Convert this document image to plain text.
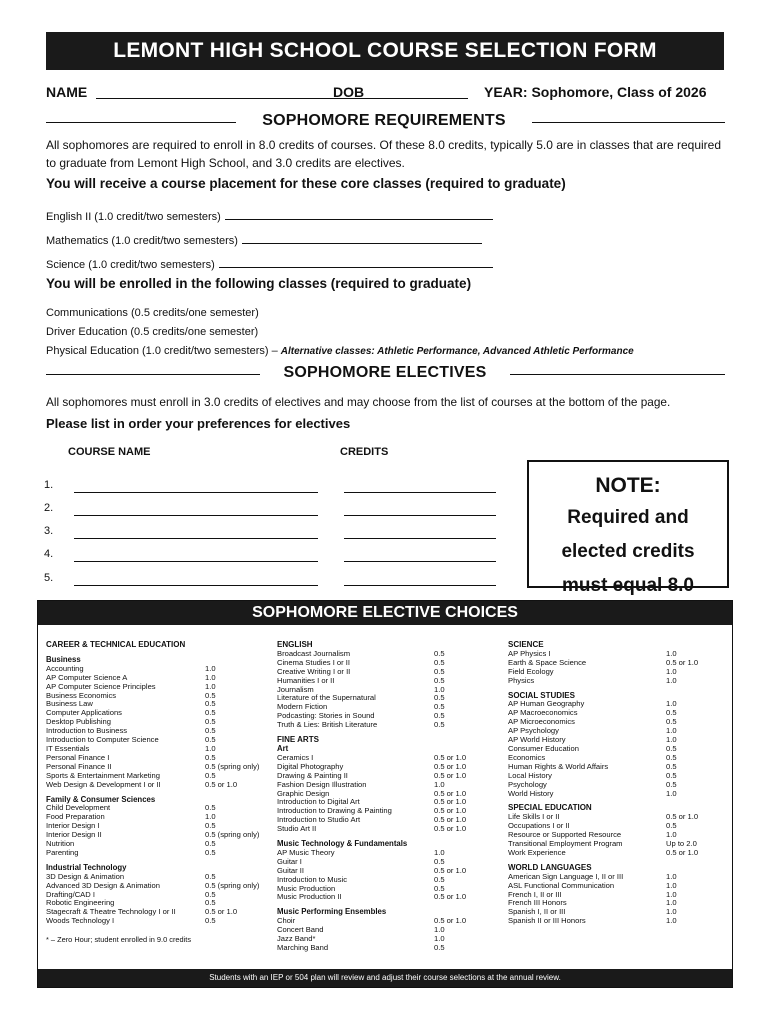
LEMONT HIGH SCHOOL COURSE SELECTION FORM
NAME	DOB	YEAR: Sophomore, Class of 2026
SOPHOMORE REQUIREMENTS
All sophomores are required to enroll in 8.0 credits of courses. Of these 8.0 credits, typically 5.0 are in classes that are required to graduate from Lemont High School, and 3.0 credits are electives.
You will receive a course placement for these core classes (required to graduate)
English II (1.0 credit/two semesters)
Mathematics (1.0 credit/two semesters)
Science (1.0 credit/two semesters)
You will be enrolled in the following classes (required to graduate)
Communications (0.5 credits/one semester)
Driver Education (0.5 credits/one semester)
Physical Education (1.0 credit/two semesters) – Alternative classes: Athletic Performance, Advanced Athletic Performance
SOPHOMORE ELECTIVES
All sophomores must enroll in 3.0 credits of electives and may choose from the list of courses at the bottom of the page.
Please list in order your preferences for electives
COURSE NAME	CREDITS
1.
2.
3.
4.
5.
NOTE:
Required and
elected credits
must equal 8.0
SOPHOMORE ELECTIVE CHOICES
CAREER & TECHNICAL EDUCATION
Business
Accounting	1.0
AP Computer Science A	1.0
AP Computer Science Principles	1.0
Business Economics	0.5
Business Law	0.5
Computer Applications	0.5
Desktop Publishing	0.5
Introduction to Business	0.5
Introduction to Computer Science	0.5
IT Essentials	1.0
Personal Finance I	0.5
Personal Finance II	0.5 (spring only)
Sports & Entertainment Marketing	0.5
Web Design & Development I or II	0.5 or 1.0
Family & Consumer Sciences
Child Development	0.5
Food Preparation	1.0
Interior Design I	0.5
Interior Design II	0.5 (spring only)
Nutrition	0.5
Parenting	0.5
Industrial Technology
3D Design & Animation	0.5
Advanced 3D Design & Animation	0.5 (spring only)
Drafting/CAD I	0.5
Robotic Engineering	0.5
Stagecraft & Theatre Technology I or II	0.5 or 1.0
Woods Technology I	0.5
* – Zero Hour; student enrolled in 9.0 credits
ENGLISH
Broadcast Journalism	0.5
Cinema Studies I or II	0.5
Creative Writing I or II	0.5
Humanities I or II	0.5
Journalism	1.0
Literature of the Supernatural	0.5
Modern Fiction	0.5
Podcasting: Stories in Sound	0.5
Truth & Lies: British Literature	0.5
FINE ARTS
Art
Ceramics I	0.5 or 1.0
Digital Photography	0.5 or 1.0
Drawing & Painting II	0.5 or 1.0
Fashion Design Illustration	1.0
Graphic Design	0.5 or 1.0
Introduction to Digital Art	0.5 or 1.0
Introduction to Drawing & Painting	0.5 or 1.0
Introduction to Studio Art	0.5 or 1.0
Studio Art II	0.5 or 1.0
Music Technology & Fundamentals
AP Music Theory	1.0
Guitar I	0.5
Guitar II	0.5 or 1.0
Introduction to Music	0.5
Music Production	0.5
Music Production II	0.5 or 1.0
Music Performing Ensembles
Choir	0.5 or 1.0
Concert Band	1.0
Jazz Band*	1.0
Marching Band	0.5
SCIENCE
AP Physics I	1.0
Earth & Space Science	0.5 or 1.0
Field Ecology	1.0
Physics	1.0
SOCIAL STUDIES
AP Human Geography	1.0
AP Macroeconomics	0.5
AP Microeconomics	0.5
AP Psychology	1.0
AP World History	1.0
Consumer Education	0.5
Economics	0.5
Human Rights & World Affairs	0.5
Local History	0.5
Psychology	0.5
World History	1.0
SPECIAL EDUCATION
Life Skills I or II	0.5 or 1.0
Occupations I or II	0.5
Resource or Supported Resource	1.0
Transitional Employment Program	Up to 2.0
Work Experience	0.5 or 1.0
WORLD LANGUAGES
American Sign Language I, II or III	1.0
ASL Functional Communication	1.0
French I, II or III	1.0
French III Honors	1.0
Spanish I, II or III	1.0
Spanish II or III Honors	1.0
Students with an IEP or 504 plan will review and adjust their course selections at the annual review.
